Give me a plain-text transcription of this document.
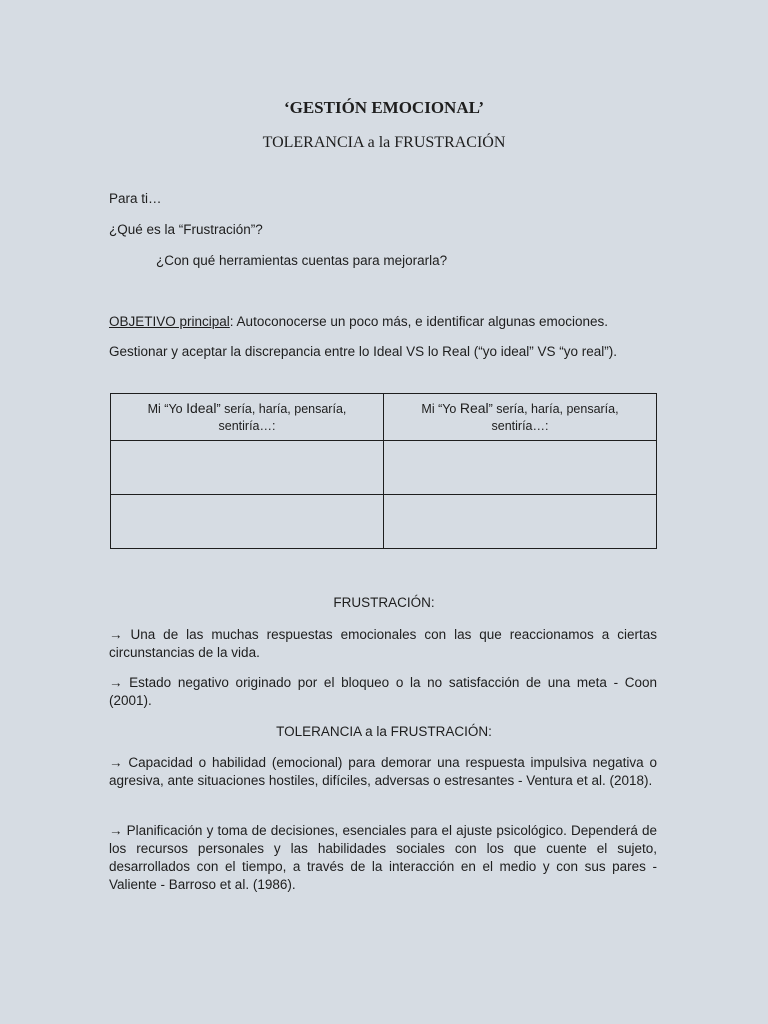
‘GESTIÓN EMOCIONAL’
TOLERANCIA a la FRUSTRACIÓN
Para ti…
¿Qué es la “Frustración”?
¿Con qué herramientas cuentas para mejorarla?
OBJETIVO principal: Autoconocerse un poco más, e identificar algunas emociones.
Gestionar y aceptar la discrepancia entre lo Ideal VS lo Real (“yo ideal” VS “yo real”).
Mi “Yo Ideal” sería, haría, pensaría, sentiría…:	Mi “Yo Real” sería, haría, pensaría, sentiría…:

FRUSTRACIÓN:
→ Una de las muchas respuestas emocionales con las que reaccionamos a ciertas circunstancias de la vida.
→ Estado negativo originado por el bloqueo o la no satisfacción de una meta - Coon (2001).
TOLERANCIA a la FRUSTRACIÓN:
→ Capacidad o habilidad (emocional) para demorar una respuesta impulsiva negativa o agresiva, ante situaciones hostiles, difíciles, adversas o estresantes - Ventura et al. (2018).
→ Planificación y toma de decisiones, esenciales para el ajuste psicológico. Dependerá de los recursos personales y las habilidades sociales con los que cuente el sujeto, desarrollados con el tiempo, a través de la interacción en el medio y con sus pares - Valiente - Barroso et al. (1986).
